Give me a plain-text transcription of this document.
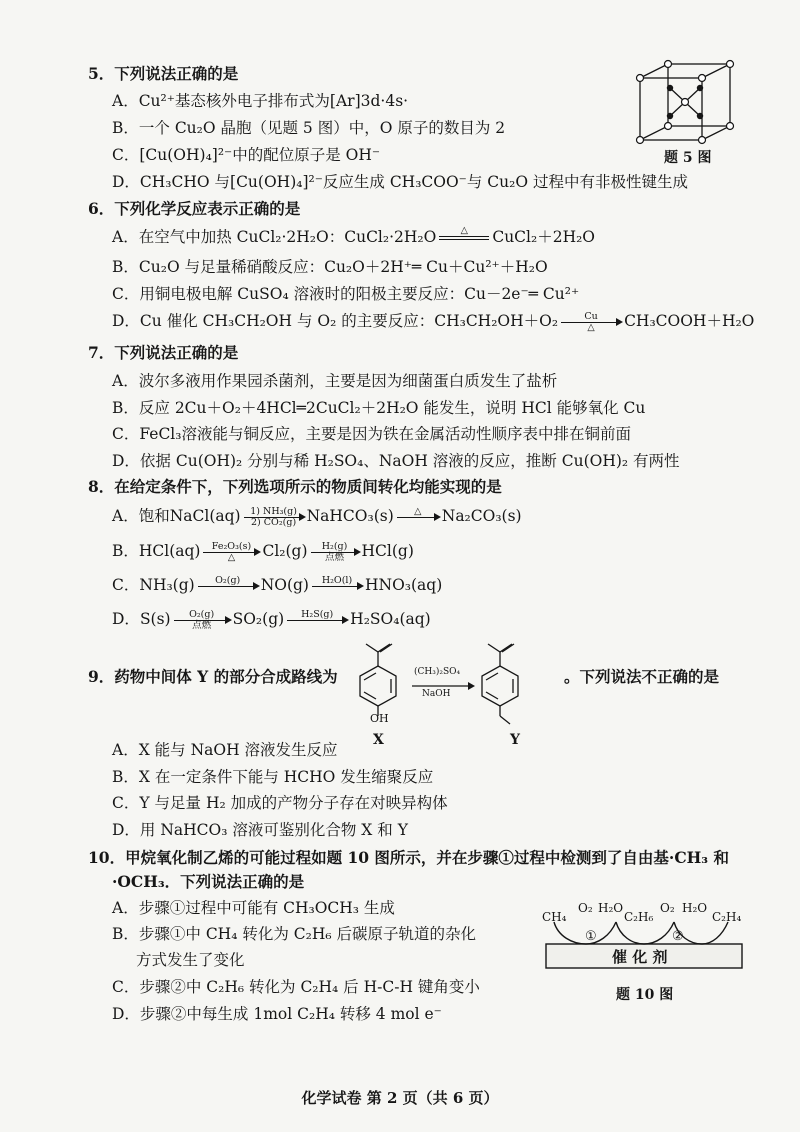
5．下列说法正确的是
A．Cu²⁺基态核外电子排布式为[Ar]3d·4s·
B．一个 Cu₂O 晶胞（见题 5 图）中，O 原子的数目为 2
C．[Cu(OH)₄]²⁻中的配位原子是 OH⁻
D．CH₃CHO 与[Cu(OH)₄]²⁻反应生成 CH₃COO⁻与 Cu₂O 过程中有非极性键生成
题 5 图
6．下列化学反应表示正确的是
A．在空气中加热 CuCl₂·2H₂O：CuCl₂·2H₂O	△
	CuCl₂＋2H₂O
B．Cu₂O 与足量稀硝酸反应：Cu₂O＋2H⁺═ Cu＋Cu²⁺＋H₂O
C．用铜电极电解 CuSO₄ 溶液时的阳极主要反应：Cu－2e⁻═ Cu²⁺
D．Cu 催化 CH₃CH₂OH 与 O₂ 的主要反应：CH₃CH₂OH＋O₂	Cu
△	CH₃COOH＋H₂O
7．下列说法正确的是
A．波尔多液用作果园杀菌剂，主要是因为细菌蛋白质发生了盐析
B．反应 2Cu＋O₂＋4HCl═2CuCl₂＋2H₂O 能发生，说明 HCl 能够氧化 Cu
C．FeCl₃溶液能与铜反应，主要是因为铁在金属活动性顺序表中排在铜前面
D．依据 Cu(OH)₂ 分别与稀 H₂SO₄、NaOH 溶液的反应，推断 Cu(OH)₂ 有两性
8．在给定条件下，下列选项所示的物质间转化均能实现的是
A．饱和NaCl(aq) $\frac{\text{1) NH₃(g)}}{\text{2) CO₂(g)}}$ NaHCO₃(s)	△
	Na₂CO₃(s)
B．HCl(aq)	Fe₂O₃(s)
△	Cl₂(g)	H₂(g)
点燃	HCl(g)
C．NH₃(g)	O₂(g)
	NO(g)	H₂O(l)
HNO₃(aq)
D．S(s)	O₂(g)
点燃	SO₂(g)	H₂S(g)
	H₂SO₄(aq)
9．药物中间体 Y 的部分合成路线为	。下列说法不正确的是
(CH₃)₂SO₄
NaOH
OH
X	Y
A．X 能与 NaOH 溶液发生反应
B．X 在一定条件下能与 HCHO 发生缩聚反应
C．Y 与足量 H₂ 加成的产物分子存在对映异构体
D．用 NaHCO₃ 溶液可鉴别化合物 X 和 Y
10．甲烷氧化制乙烯的可能过程如题 10 图所示，并在步骤①过程中检测到了自由基·CH₃ 和
·OCH₃．下列说法正确的是
A．步骤①过程中可能有 CH₃OCH₃ 生成
B．步骤①中 CH₄ 转化为 C₂H₆ 后碳原子轨道的杂化
方式发生了变化
C．步骤②中 C₂H₆ 转化为 C₂H₄ 后 H-C-H 键角变小
D．步骤②中每生成 1mol C₂H₄ 转移 4 mol e⁻
CH₄
O₂ H₂O
C₂H₆
O₂ H₂O
C₂H₄
①	②
催 化 剂
题 10 图
化学试卷 第 2 页（共 6 页）
